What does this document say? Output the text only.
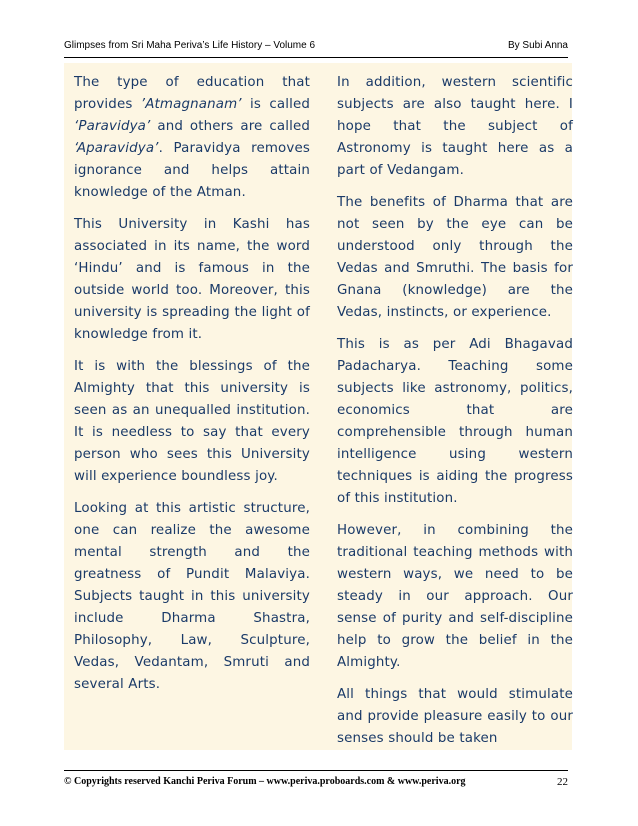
Glimpses from Sri Maha Periva’s Life History – Volume 6	By Subi Anna

The type of education that provides ’Atmagnanam’ is called ‘Paravidya’ and others are called ‘Aparavidya’. Paravidya removes ignorance and helps attain knowledge of the Atman.

This University in Kashi has associated in its name, the word ‘Hindu’ and is famous in the outside world too. Moreover, this university is spreading the light of knowledge from it.

It is with the blessings of the Almighty that this university is seen as an unequalled institution. It is needless to say that every person who sees this University will experience boundless joy.

Looking at this artistic structure, one can realize the awesome mental strength and the greatness of Pundit Malaviya. Subjects taught in this university include Dharma Shastra, Philosophy, Law, Sculpture, Vedas, Vedantam, Smruti and several Arts.

In addition, western scientific subjects are also taught here. I hope that the subject of Astronomy is taught here as a part of Vedangam.

The benefits of Dharma that are not seen by the eye can be understood only through the Vedas and Smruthi. The basis for Gnana (knowledge) are the Vedas, instincts, or experience.

This is as per Adi Bhagavad Padacharya. Teaching some subjects like astronomy, politics, economics that are comprehensible through human intelligence using western techniques is aiding the progress of this institution.

However, in combining the traditional teaching methods with western ways, we need to be steady in our approach. Our sense of purity and self-discipline help to grow the belief in the Almighty.

All things that would stimulate and provide pleasure easily to our senses should be taken

© Copyrights reserved Kanchi Periva Forum – www.periva.proboards.com & www.periva.org	22
